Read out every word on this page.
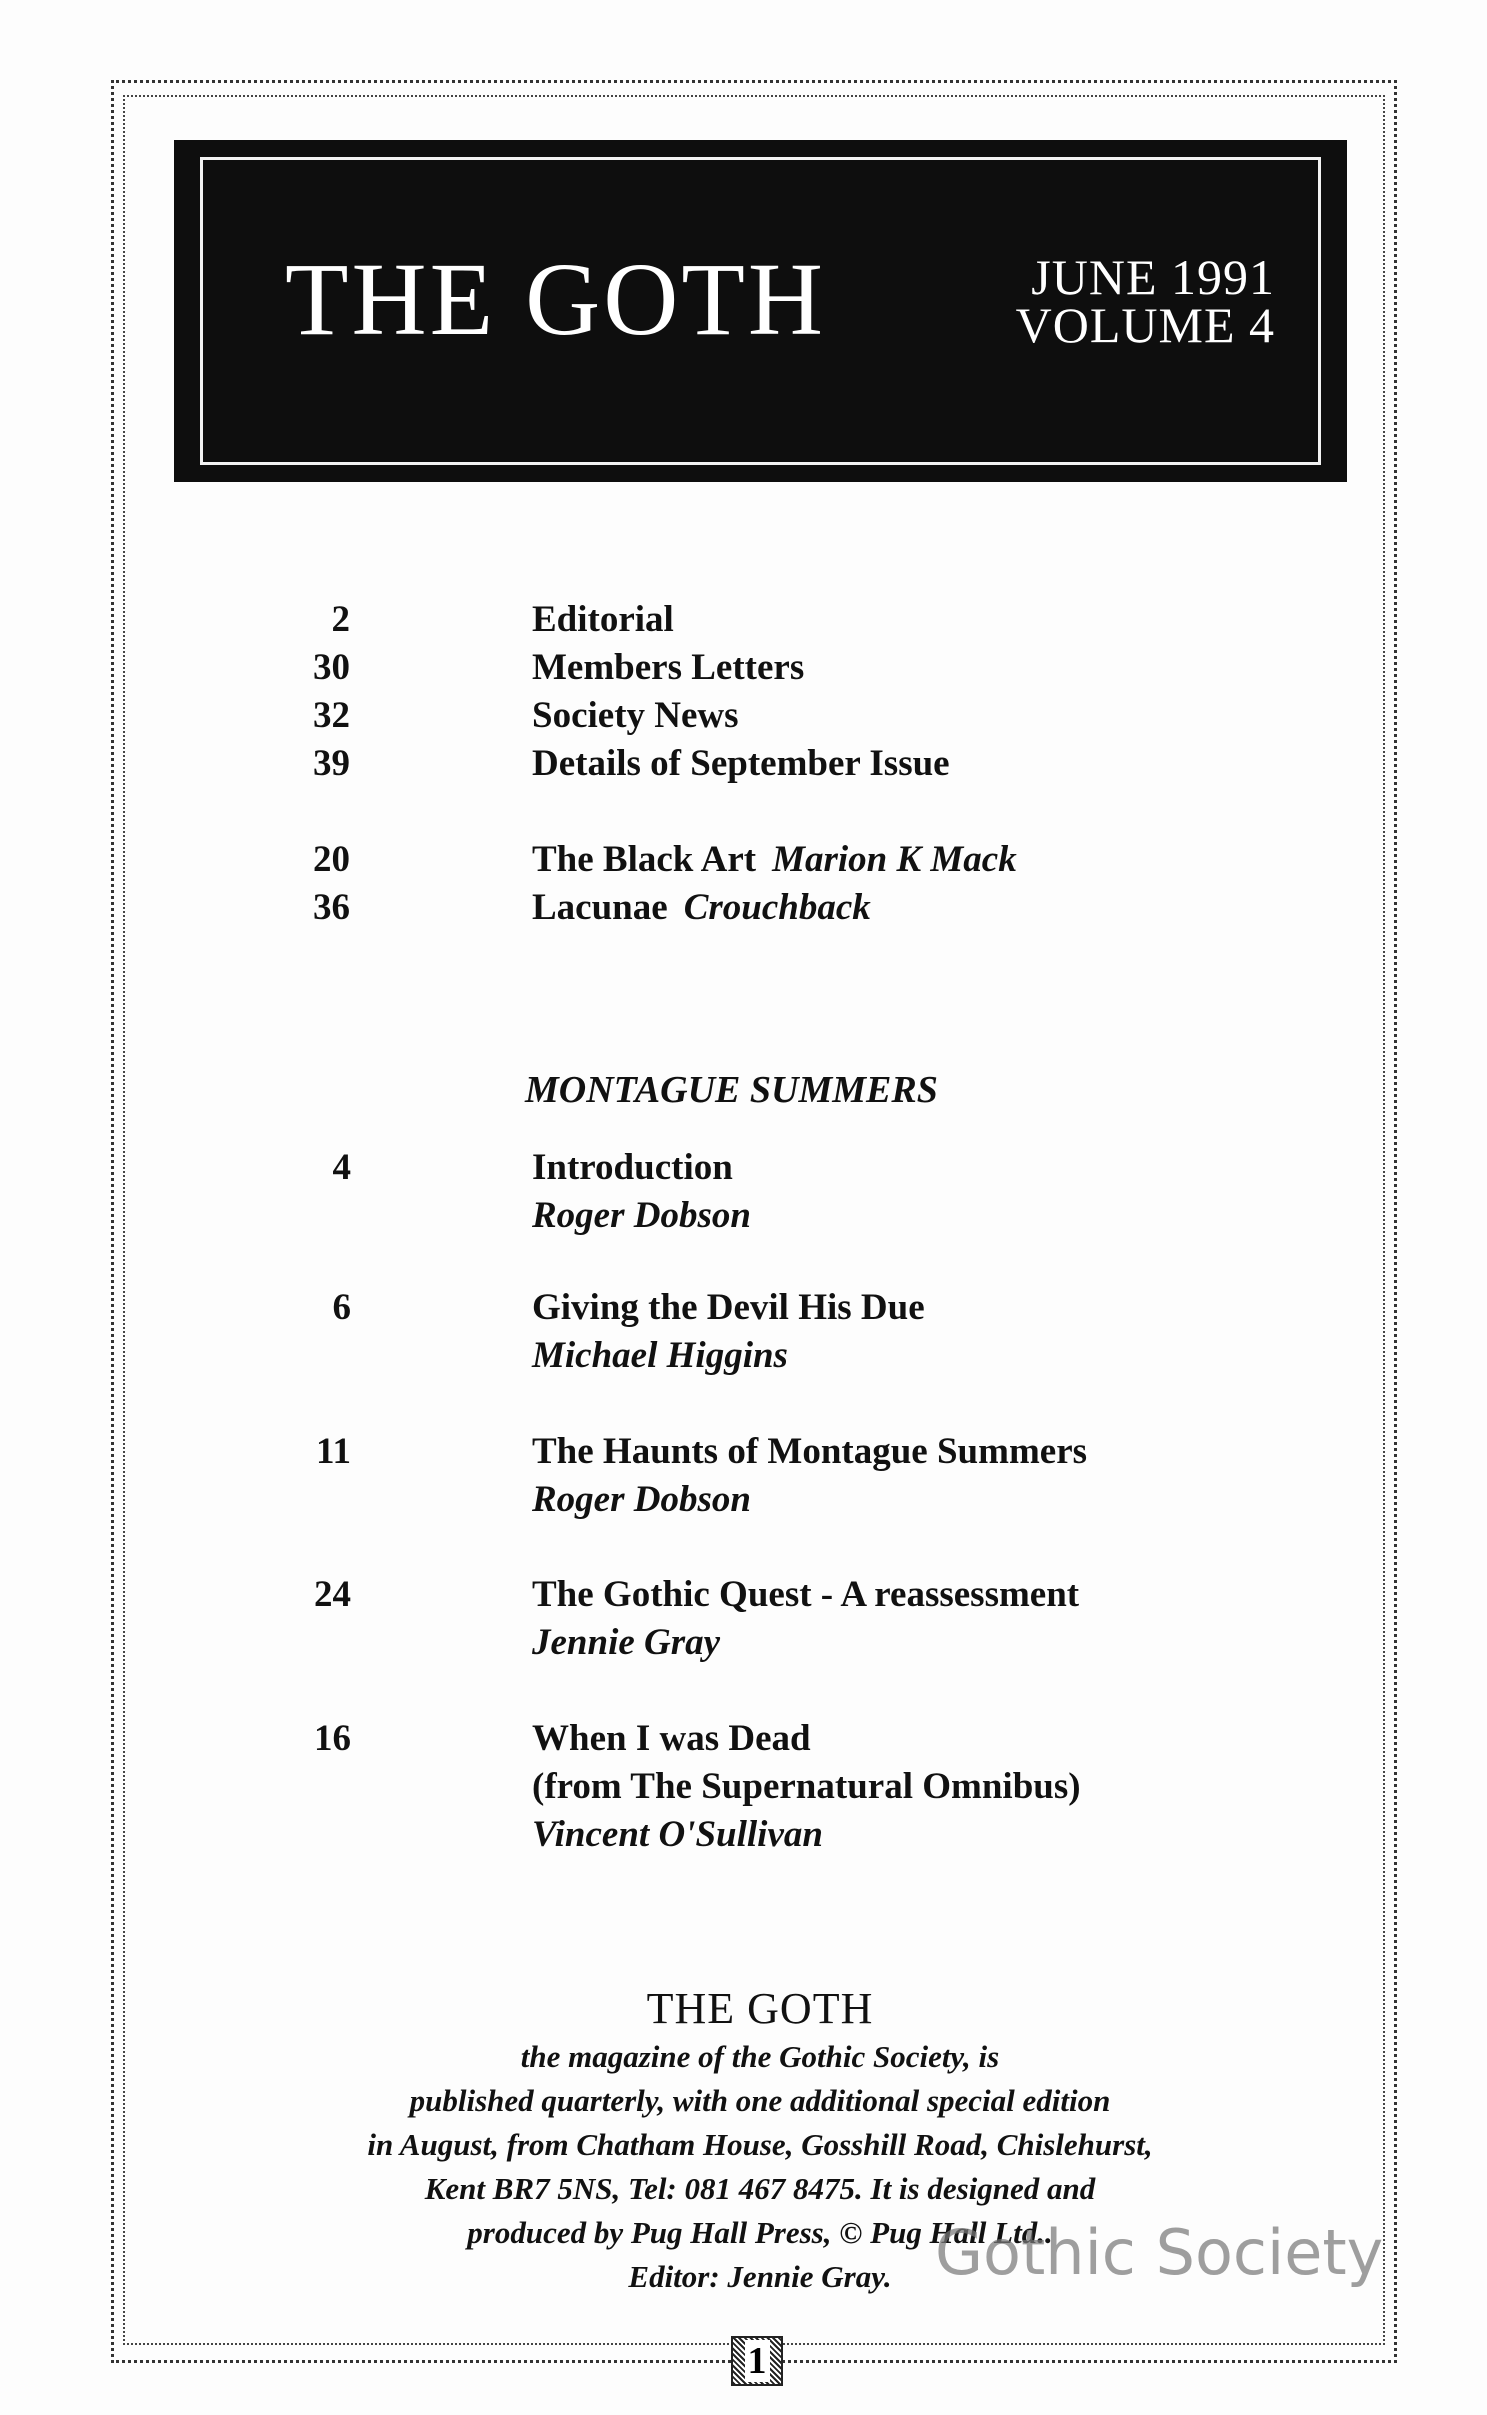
THE GOTH	JUNE 1991
VOLUME 4
2	Editorial
30	Members Letters
32	Society News
39	Details of September Issue
20	The Black Art Marion K Mack
36	Lacunae Crouchback
MONTAGUE SUMMERS
4	Introduction
Roger Dobson
6	Giving the Devil His Due
Michael Higgins
11	The Haunts of Montague Summers
Roger Dobson
24	The Gothic Quest - A reassessment
Jennie Gray
16	When I was Dead
(from The Supernatural Omnibus)
Vincent O'Sullivan
THE GOTH
the magazine of the Gothic Society, is
published quarterly, with one additional special edition
in August, from Chatham House, Gosshill Road, Chislehurst,
Kent BR7 5NS, Tel: 081 467 8475. It is designed and
produced by Pug Hall Press, © Pug Hall Ltd..
Editor: Jennie Gray. Gothic Society
1
